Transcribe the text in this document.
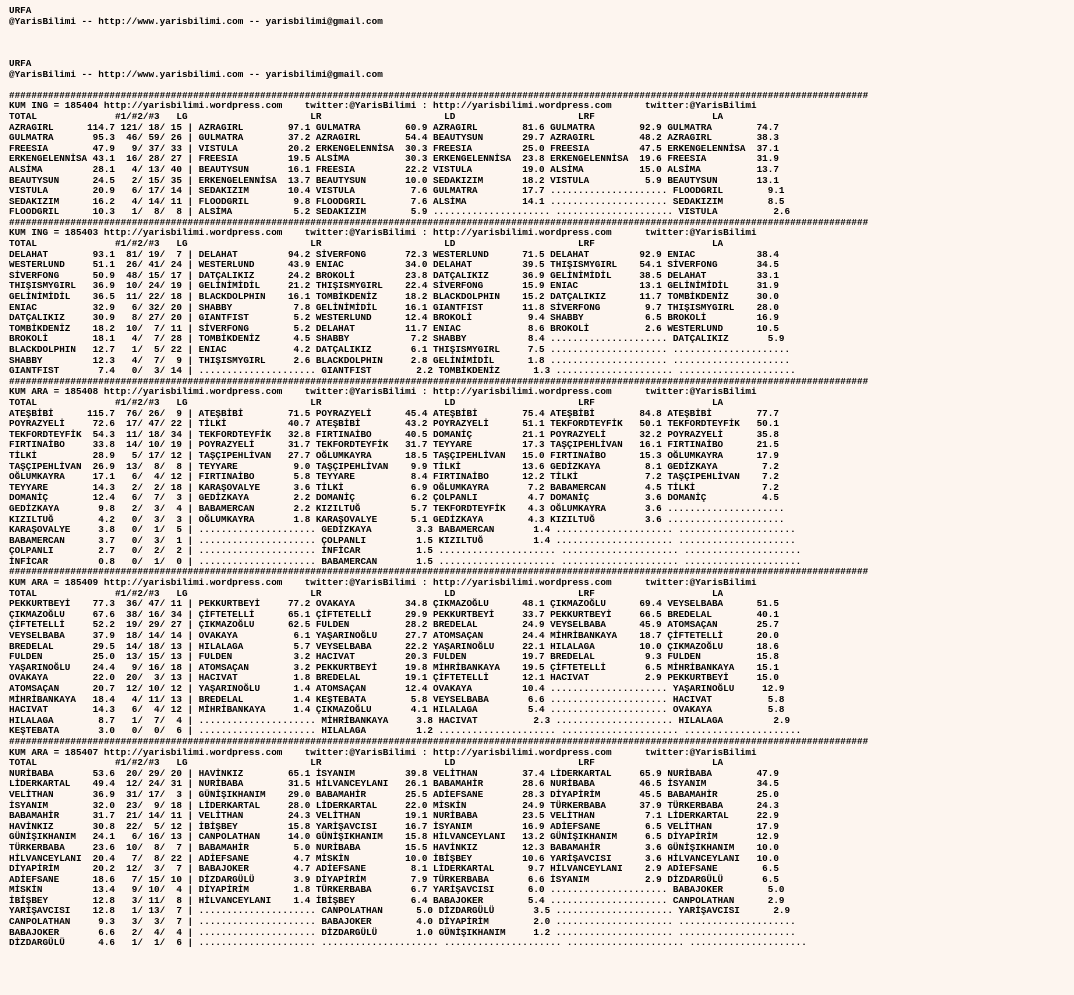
URFA
@YarisBilimi -- http://www.yarisbilimi.com -- yarisbilimi@gmail.com

URFA
@YarisBilimi -- http://www.yarisbilimi.com -- yarisbilimi@gmail.com

##########################################################################################################################################################
KUM ING = 185404 http://yarisbilimi.wordpress.com    twitter:@YarisBilimi : http://yarisbilimi.wordpress.com      twitter:@YarisBilimi
TOTAL              #1/#2/#3   LG                      LR                      LD                      LRF                     LA
AZRAGIRL      114.7 121/ 18/ 15 | AZRAGIRL        97.1 GULMATRA        60.9 AZRAGIRL        81.6 GULMATRA        92.9 GULMATRA        74.7
GULMATRA       95.3  46/ 59/ 26 | GULMATRA        37.2 AZRAGIRL        54.4 BEAUTYSUN       29.7 AZRAGIRL        48.2 AZRAGIRL        38.3
FREESIA        47.9   9/ 37/ 33 | VISTULA         20.2 ERKENGELENNİSA  30.3 FREESIA         25.0 FREESIA         47.5 ERKENGELENNİSA  37.1
ERKENGELENNİSA 43.1  16/ 28/ 27 | FREESIA         19.5 ALSİMA          30.3 ERKENGELENNİSA  23.8 ERKENGELENNİSA  19.6 FREESIA         31.9
ALSİMA         28.1   4/ 13/ 40 | BEAUTYSUN       16.1 FREESIA         22.2 VISTULA         19.0 ALSİMA          15.0 ALSİMA          13.7
BEAUTYSUN      24.5   2/ 15/ 35 | ERKENGELENNİSA  13.7 BEAUTYSUN       10.0 SEDAKIZIM       18.2 VISTULA          5.9 BEAUTYSUN       13.1
VISTULA        20.9   6/ 17/ 14 | SEDAKIZIM       10.4 VISTULA          7.6 GULMATRA        17.7 ..................... FLOODGRIL        9.1
SEDAKIZIM      16.2   4/ 14/ 11 | FLOODGRIL        9.8 FLOODGRIL        7.6 ALSİMA          14.1 ..................... SEDAKIZIM        8.5
FLOODGRIL      10.3   1/  8/  8 | ALSİMA           5.2 SEDAKIZIM        5.9 ..................... ..................... VISTULA          2.6
##########################################################################################################################################################
KUM ING = 185403 http://yarisbilimi.wordpress.com    twitter:@YarisBilimi : http://yarisbilimi.wordpress.com      twitter:@YarisBilimi
TOTAL              #1/#2/#3   LG                      LR                      LD                      LRF                     LA
DELAHAT        93.1  81/ 19/  7 | DELAHAT         94.2 SİVERFONG       72.3 WESTERLUND      71.5 DELAHAT         92.9 ENIAC           38.4
WESTERLUND     51.1  26/ 41/ 24 | WESTERLUND      43.9 ENIAC           34.0 DELAHAT         39.5 THIŞISMYGIRL    54.1 SİVERFONG       34.5
SİVERFONG      50.9  48/ 15/ 17 | DATÇALIKIZ      24.2 BROKOLİ         23.8 DATÇALIKIZ      36.9 GELİNİMİDİL     38.5 DELAHAT         33.1
THIŞISMYGIRL   36.9  10/ 24/ 19 | GELİNİMİDİL     21.2 THIŞISMYGIRL    22.4 SİVERFONG       15.9 ENIAC           13.1 GELİNİMİDİL     31.9
GELİNİMİDİL    36.5  11/ 22/ 18 | BLACKDOLPHIN    16.1 TOMBİKDENİZ     18.2 BLACKDOLPHIN    15.2 DATÇALIKIZ      11.7 TOMBİKDENİZ     30.0
ENIAC          32.9   6/ 32/ 20 | SHABBY           7.8 GELİNİMİDİL     16.1 GIANTFIST       11.8 SİVERFONG        9.7 THIŞISMYGIRL    28.0
DATÇALIKIZ     30.9   8/ 27/ 20 | GIANTFIST        5.2 WESTERLUND      12.4 BROKOLİ          9.4 SHABBY           6.5 BROKOLİ         16.9
TOMBİKDENİZ    18.2  10/  7/ 11 | SİVERFONG        5.2 DELAHAT         11.7 ENIAC            8.6 BROKOLİ          2.6 WESTERLUND      10.5
BROKOLİ        18.1   4/  7/ 28 | TOMBİKDENİZ      4.5 SHABBY           7.2 SHABBY           8.4 ..................... DATÇALIKIZ       5.9
BLACKDOLPHIN   12.7   1/  5/ 22 | ENIAC            4.2 DATÇALIKIZ       6.1 THIŞISMYGIRL     7.5 ..................... .....................
SHABBY         12.3   4/  7/  9 | THIŞISMYGIRL     2.6 BLACKDOLPHIN     2.8 GELİNİMİDİL      1.8 ..................... .....................
GIANTFIST       7.4   0/  3/ 14 | ..................... GIANTFIST        2.2 TOMBİKDENİZ      1.3 ..................... .....................
##########################################################################################################################################################
KUM ARA = 185408 http://yarisbilimi.wordpress.com    twitter:@YarisBilimi : http://yarisbilimi.wordpress.com      twitter:@YarisBilimi
TOTAL              #1/#2/#3   LG                      LR                      LD                      LRF                     LA
ATEŞBİBİ      115.7  76/ 26/  9 | ATEŞBİBİ        71.5 POYRAZYELİ      45.4 ATEŞBİBİ        75.4 ATEŞBİBİ        84.8 ATEŞBİBİ        77.7
POYRAZYELİ     72.6  17/ 47/ 22 | TİLKİ           40.7 ATEŞBİBİ        43.2 POYRAZYELİ      51.1 TEKFORDTEYFİK   50.1 TEKFORDTEYFİK   50.1
TEKFORDTEYFİK  54.3  11/ 18/ 34 | TEKFORDTEYFİK   32.8 FIRTINAİBO      40.5 DOMANİÇ         21.1 POYRAZYELİ      32.2 POYRAZYELİ      35.8
FIRTINAİBO     33.8  14/ 10/ 19 | POYRAZYELİ      31.7 TEKFORDTEYFİK   31.7 TEYYARE         17.3 TAŞÇIPEHLİVAN   16.1 FIRTINAİBO      21.5
TİLKİ          28.9   5/ 17/ 12 | TAŞÇIPEHLİVAN   27.7 OĞLUMKAYRA      18.5 TAŞÇIPEHLİVAN   15.0 FIRTINAİBO      15.3 OĞLUMKAYRA      17.9
TAŞÇIPEHLİVAN  26.9  13/  8/  8 | TEYYARE          9.0 TAŞÇIPEHLİVAN    9.9 TİLKİ           13.6 GEDİZKAYA        8.1 GEDİZKAYA        7.2
OĞLUMKAYRA     17.1   6/  4/ 12 | FIRTINAİBO       5.8 TEYYARE          8.4 FIRTINAİBO      12.2 TİLKİ            7.2 TAŞÇIPEHLİVAN    7.2
TEYYARE        14.3   2/  2/ 18 | KARAŞOVALYE      3.6 TİLKİ            6.9 OĞLUMKAYRA       7.2 BABAMERCAN       4.5 TİLKİ            7.2
DOMANİÇ        12.4   6/  7/  3 | GEDİZKAYA        2.2 DOMANİÇ          6.2 ÇOLPANLI         4.7 DOMANİÇ          3.6 DOMANİÇ          4.5
GEDİZKAYA       9.8   2/  3/  4 | BABAMERCAN       2.2 KIZILTUĞ         5.7 TEKFORDTEYFİK    4.3 OĞLUMKAYRA       3.6 .....................
KIZILTUĞ        4.2   0/  3/  3 | OĞLUMKAYRA       1.8 KARAŞOVALYE      5.1 GEDİZKAYA        4.3 KIZILTUĞ         3.6 .....................
KARAŞOVALYE     3.8   0/  1/  5 | ..................... GEDİZKAYA        3.3 BABAMERCAN       1.4 ..................... .....................
BABAMERCAN      3.7   0/  3/  1 | ..................... ÇOLPANLI         1.5 KIZILTUĞ         1.4 ..................... .....................
ÇOLPANLI        2.7   0/  2/  2 | ..................... İNFİCAR          1.5 ..................... ..................... .....................
İNFİCAR         0.8   0/  1/  0 | ..................... BABAMERCAN       1.5 ..................... ..................... .....................
##########################################################################################################################################################
KUM ARA = 185409 http://yarisbilimi.wordpress.com    twitter:@YarisBilimi : http://yarisbilimi.wordpress.com      twitter:@YarisBilimi
TOTAL              #1/#2/#3   LG                      LR                      LD                      LRF                     LA
PEKKURTBEYİ    77.3  36/ 47/ 11 | PEKKURTBEYİ     77.2 OVAKAYA         34.8 ÇIKMAZOĞLU      48.1 ÇIKMAZOĞLU      69.4 VEYSELBABA      51.5
ÇIKMAZOĞLU     67.6  38/ 16/ 34 | ÇİFTETELLİ      65.1 ÇİFTETELLİ      29.9 PEKKURTBEYİ     33.7 PEKKURTBEYİ     66.5 BREDELAL        40.1
ÇİFTETELLİ     52.2  19/ 29/ 27 | ÇIKMAZOĞLU      62.5 FULDEN          28.2 BREDELAL        24.9 VEYSELBABA      45.9 ATOMSAÇAN       25.7
VEYSELBABA     37.9  18/ 14/ 14 | OVAKAYA          6.1 YAŞARINOĞLU     27.7 ATOMSAÇAN       24.4 MİHRİBANKAYA    18.7 ÇİFTETELLİ      20.0
BREDELAL       29.5  14/ 18/ 13 | HILALAGA         5.7 VEYSELBABA      22.2 YAŞARINOĞLU     22.1 HILALAGA        10.0 ÇIKMAZOĞLU      18.6
FULDEN         25.0  13/ 15/ 13 | FULDEN           3.2 HACIVAT         20.3 FULDEN          19.7 BREDELAL         9.3 FULDEN          15.8
YAŞARINOĞLU    24.4   9/ 16/ 18 | ATOMSAÇAN        3.2 PEKKURTBEYİ     19.8 MİHRİBANKAYA    19.5 ÇİFTETELLİ       6.5 MİHRİBANKAYA    15.1
OVAKAYA        22.0  20/  3/ 13 | HACIVAT          1.8 BREDELAL        19.1 ÇİFTETELLİ      12.1 HACIVAT          2.9 PEKKURTBEYİ     15.0
ATOMSAÇAN      20.7  12/ 10/ 12 | YAŞARINOĞLU      1.4 ATOMSAÇAN       12.4 OVAKAYA         10.4 ..................... YAŞARINOĞLU     12.9
MİHRİBANKAYA   18.4   4/ 11/ 13 | BREDELAL         1.4 KEŞTEBATA        5.8 VEYSELBABA       6.6 ..................... HACIVAT          5.8
HACIVAT        14.3   6/  4/ 12 | MİHRİBANKAYA     1.4 ÇIKMAZOĞLU       4.1 HILALAGA         5.4 ..................... OVAKAYA          5.8
HILALAGA        8.7   1/  7/  4 | ..................... MİHRİBANKAYA     3.8 HACIVAT          2.3 ..................... HILALAGA         2.9
KEŞTEBATA       3.0   0/  0/  6 | ..................... HILALAGA         1.2 ..................... ..................... .....................
##########################################################################################################################################################
KUM ARA = 185407 http://yarisbilimi.wordpress.com    twitter:@YarisBilimi : http://yarisbilimi.wordpress.com      twitter:@YarisBilimi
TOTAL              #1/#2/#3   LG                      LR                      LD                      LRF                     LA
NURİBABA       53.6  20/ 29/ 20 | HAVİNKIZ        65.1 İSYANIM         39.8 VELİTHAN        37.4 LİDERKARTAL     65.9 NURİBABA        47.9
LİDERKARTAL    49.4  12/ 24/ 31 | NURİBABA        31.5 HİLVANCEYLANI   26.1 BABAMAHİR       28.6 NURİBABA        46.5 İSYANIM         34.5
VELİTHAN       36.9  31/ 17/  3 | GÜNİŞIKHANIM    29.0 BABAMAHİR       25.5 ADİEFSANE       28.3 DİYAPİRİM       45.5 BABAMAHİR       25.0
İSYANIM        32.0  23/  9/ 18 | LİDERKARTAL     28.0 LİDERKARTAL     22.0 MİSKİN          24.9 TÜRKERBABA      37.9 TÜRKERBABA      24.3
BABAMAHİR      31.7  21/ 14/ 11 | VELİTHAN        24.3 VELİTHAN        19.1 NURİBABA        23.5 VELİTHAN         7.1 LİDERKARTAL     22.9
HAVİNKIZ       30.8  22/  5/ 12 | İBİŞBEY         15.8 YARİŞAVCISI     16.7 İSYANIM         16.9 ADİEFSANE        6.5 VELİTHAN        17.9
GÜNİŞIKHANIM   24.1   6/ 16/ 13 | CANPOLATHAN     14.0 GÜNİŞIKHANIM    15.8 HİLVANCEYLANI   13.2 GÜNİŞIKHANIM     6.5 DİYAPİRİM       12.9
TÜRKERBABA     23.6  10/  8/  7 | BABAMAHİR        5.0 NURİBABA        15.5 HAVİNKIZ        12.3 BABAMAHİR        3.6 GÜNİŞIKHANIM    10.0
HİLVANCEYLANI  20.4   7/  8/ 22 | ADİEFSANE        4.7 MİSKİN          10.0 İBİŞBEY         10.6 YARİŞAVCISI      3.6 HİLVANCEYLANI   10.0
DİYAPİRİM      20.2  12/  3/  7 | BABAJOKER        4.7 ADİEFSANE        8.1 LİDERKARTAL      9.7 HİLVANCEYLANI    2.9 ADİEFSANE        6.5
ADİEFSANE      18.6   7/ 15/ 10 | DİZDARGÜLÜ       3.9 DİYAPİRİM        7.9 TÜRKERBABA       6.6 İSYANIM          2.9 DİZDARGÜLÜ       6.5
MİSKİN         13.4   9/ 10/  4 | DİYAPİRİM        1.8 TÜRKERBABA       6.7 YARİŞAVCISI      6.0 ..................... BABAJOKER        5.0
İBİŞBEY        12.8   3/ 11/  8 | HİLVANCEYLANI    1.4 İBİŞBEY          6.4 BABAJOKER        5.4 ..................... CANPOLATHAN      2.9
YARİŞAVCISI    12.8   1/ 13/  7 | ..................... CANPOLATHAN      5.0 DİZDARGÜLÜ       3.5 ..................... YARİŞAVCISI      2.9
CANPOLATHAN     9.3   3/  3/  7 | ..................... BABAJOKER        4.0 DİYAPİRİM        2.0 ..................... .....................
BABAJOKER       6.6   2/  4/  4 | ..................... DİZDARGÜLÜ       1.0 GÜNİŞIKHANIM     1.2 ..................... .....................
DİZDARGÜLÜ      4.6   1/  1/  6 | ..................... ..................... ..................... ..................... .....................
